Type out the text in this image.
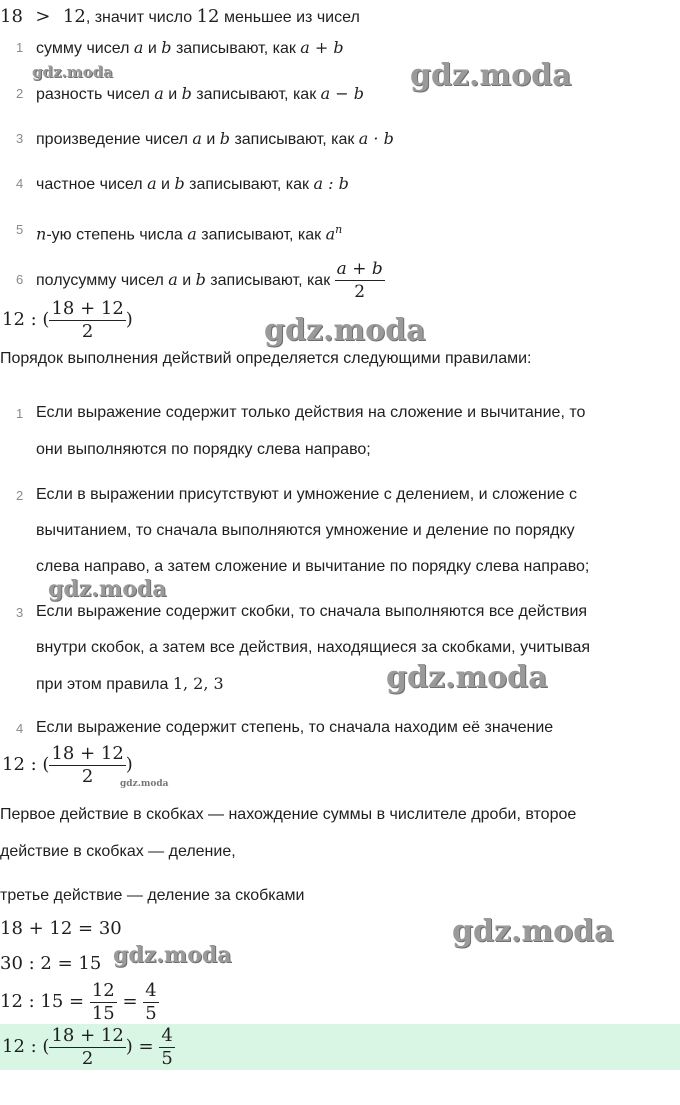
18 > 12, значит число 12 меньшее из чисел
1 сумму чисел a и b записывают, как a + b
2 разность чисел a и b записывают, как a − b
3 произведение чисел a и b записывают, как a · b
4 частное чисел a и b записывают, как a : b
5 n-ую степень числа a записывают, как $a^n$
6 полусумму чисел a и b записывают, как $\frac{a + b}{2}$
12 : ( $\frac{18 + 12}{2}$ )
Порядок выполнения действий определяется следующими правилами:
1 Если выражение содержит только действия на сложение и вычитание, то
они выполняются по порядку слева направо;
2 Если в выражении присутствуют и умножение с делением, и сложение с
вычитанием, то сначала выполняются умножение и деление по порядку
слева направо, а затем сложение и вычитание по порядку слева направо;
3 Если выражение содержит скобки, то сначала выполняются все действия
внутри скобок, а затем все действия, находящиеся за скобками, учитывая
при этом правила 1, 2, 3
4 Если выражение содержит степень, то сначала находим её значение
12 : ( $\frac{18 + 12}{2}$ )
Первое действие в скобках — нахождение суммы в числителе дроби, второе
действие в скобках — деление,
третье действие — деление за скобками
18 + 12 = 30
30 : 2 = 15
12 : $15 = \frac{12}{15} = \frac{4}{5}$
12 : ( $\frac{18 + 12}{2}$ ) = $\frac{4}{5}$
gdz.moda	gdz.moda
gdz.moda
gdz.moda
gdz.moda
gdz.moda
gdz.moda
gdz.moda
